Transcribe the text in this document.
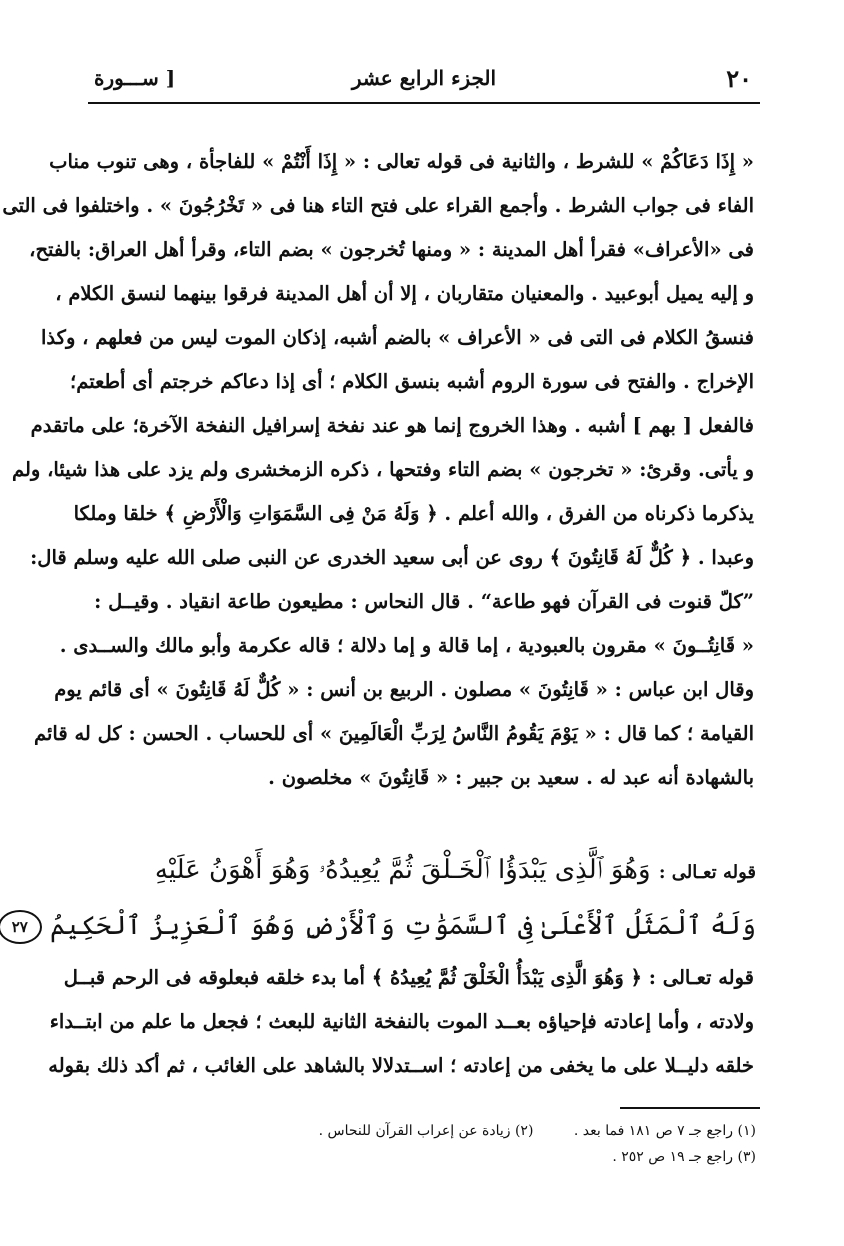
٢٠
الجزء الرابع عشر
[ ســـورة
« إِذَا دَعَاكُمْ » للشرط ، والثانية فى قوله تعالى : « إِذَا أَنْتُمْ » للفاجأة ، وهى تنوب مناب
الفاء فى جواب الشرط . وأجمع القراء على فتح التاء هنا فى « تَخْرُجُونَ » . واختلفوا فى التى
فى «الأعراف» فقرأ أهل المدينة : « ومنها تُخرجون » بضم التاء، وقرأ أهل العراق: بالفتح،
و إليه يميل أبوعبيد . والمعنيان متقاربان ، إلا أن أهل المدينة فرقوا بينهما لنسق الكلام ،
فنسقُ الكلام فى التى فى « الأعراف » بالضم أشبه، إذكان الموت ليس من فعلهم ، وكذا
الإخراج . والفتح فى سورة الروم أشبه بنسق الكلام ؛ أى إذا دعاكم خرجتم أى أطعتم؛
فالفعل [ بهم ] أشبه . وهذا الخروج إنما هو عند نفخة إسرافيل النفخة الآخرة؛ على ماتقدم
و يأتى. وقرئ: « تخرجون » بضم التاء وفتحها ، ذكره الزمخشرى ولم يزد على هذا شيئا، ولم
يذكرما ذكرناه من الفرق ، والله أعلم . ﴿ وَلَهُ مَنْ فِى السَّمَوَاتِ وَالْأَرْضِ ﴾ خلقا وملكا
وعبدا . ﴿ كُلٌّ لَهُ قَانِتُونَ ﴾ روى عن أبى سعيد الخدرى عن النبى صلى الله عليه وسلم قال:
”كلّ قنوت فى القرآن فهو طاعة“ . قال النحاس : مطيعون طاعة انقياد . وقيــل :
« قَانِتُــونَ » مقرون بالعبودية ، إما قالة و إما دلالة ؛ قاله عكرمة وأبو مالك والســدى .
وقال ابن عباس : « قَانِتُونَ » مصلون . الربيع بن أنس : « كُلٌّ لَهُ قَانِتُونَ » أى قائم يوم
القيامة ؛ كما قال : « يَوْمَ يَقُومُ النَّاسُ لِرَبِّ الْعَالَمِينَ » أى للحساب . الحسن : كل له قائم
بالشهادة أنه عبد له . سعيد بن جبير : « قَانِتُونَ » مخلصون .
قوله تعـالى : وَهُوَ ٱلَّذِى يَبْدَؤُا ٱلْخَـلْقَ ثُمَّ يُعِيدُهُۥ وَهُوَ أَهْوَنُ عَلَيْهِ
وَلَهُ ٱلْمَثَلُ ٱلْأَعْلَىٰ فِى ٱلسَّمَوَٰتِ وَٱلْأَرْضِ وَهُوَ ٱلْعَزِيزُ ٱلْحَكِيمُ ٢٧
قوله تعـالى : ﴿ وَهُوَ الَّذِى يَبْدَأُ الْخَلْقَ ثُمَّ يُعِيدُهُ ﴾ أما بدء خلقه فبعلوقه فى الرحم قبــل
ولادته ، وأما إعادته فإحياؤه بعــد الموت بالنفخة الثانية للبعث ؛ فجعل ما علم من ابتــداء
خلقه دليــلا على ما يخفى من إعادته ؛ اســتدلالا بالشاهد على الغائب ، ثم أكد ذلك بقوله
(١) راجع جـ ٧ ص ١٨١ فما بعد . (٢) زيادة عن إعراب القرآن للنحاس .
(٣) راجع جـ ١٩ ص ٢٥٢ .
